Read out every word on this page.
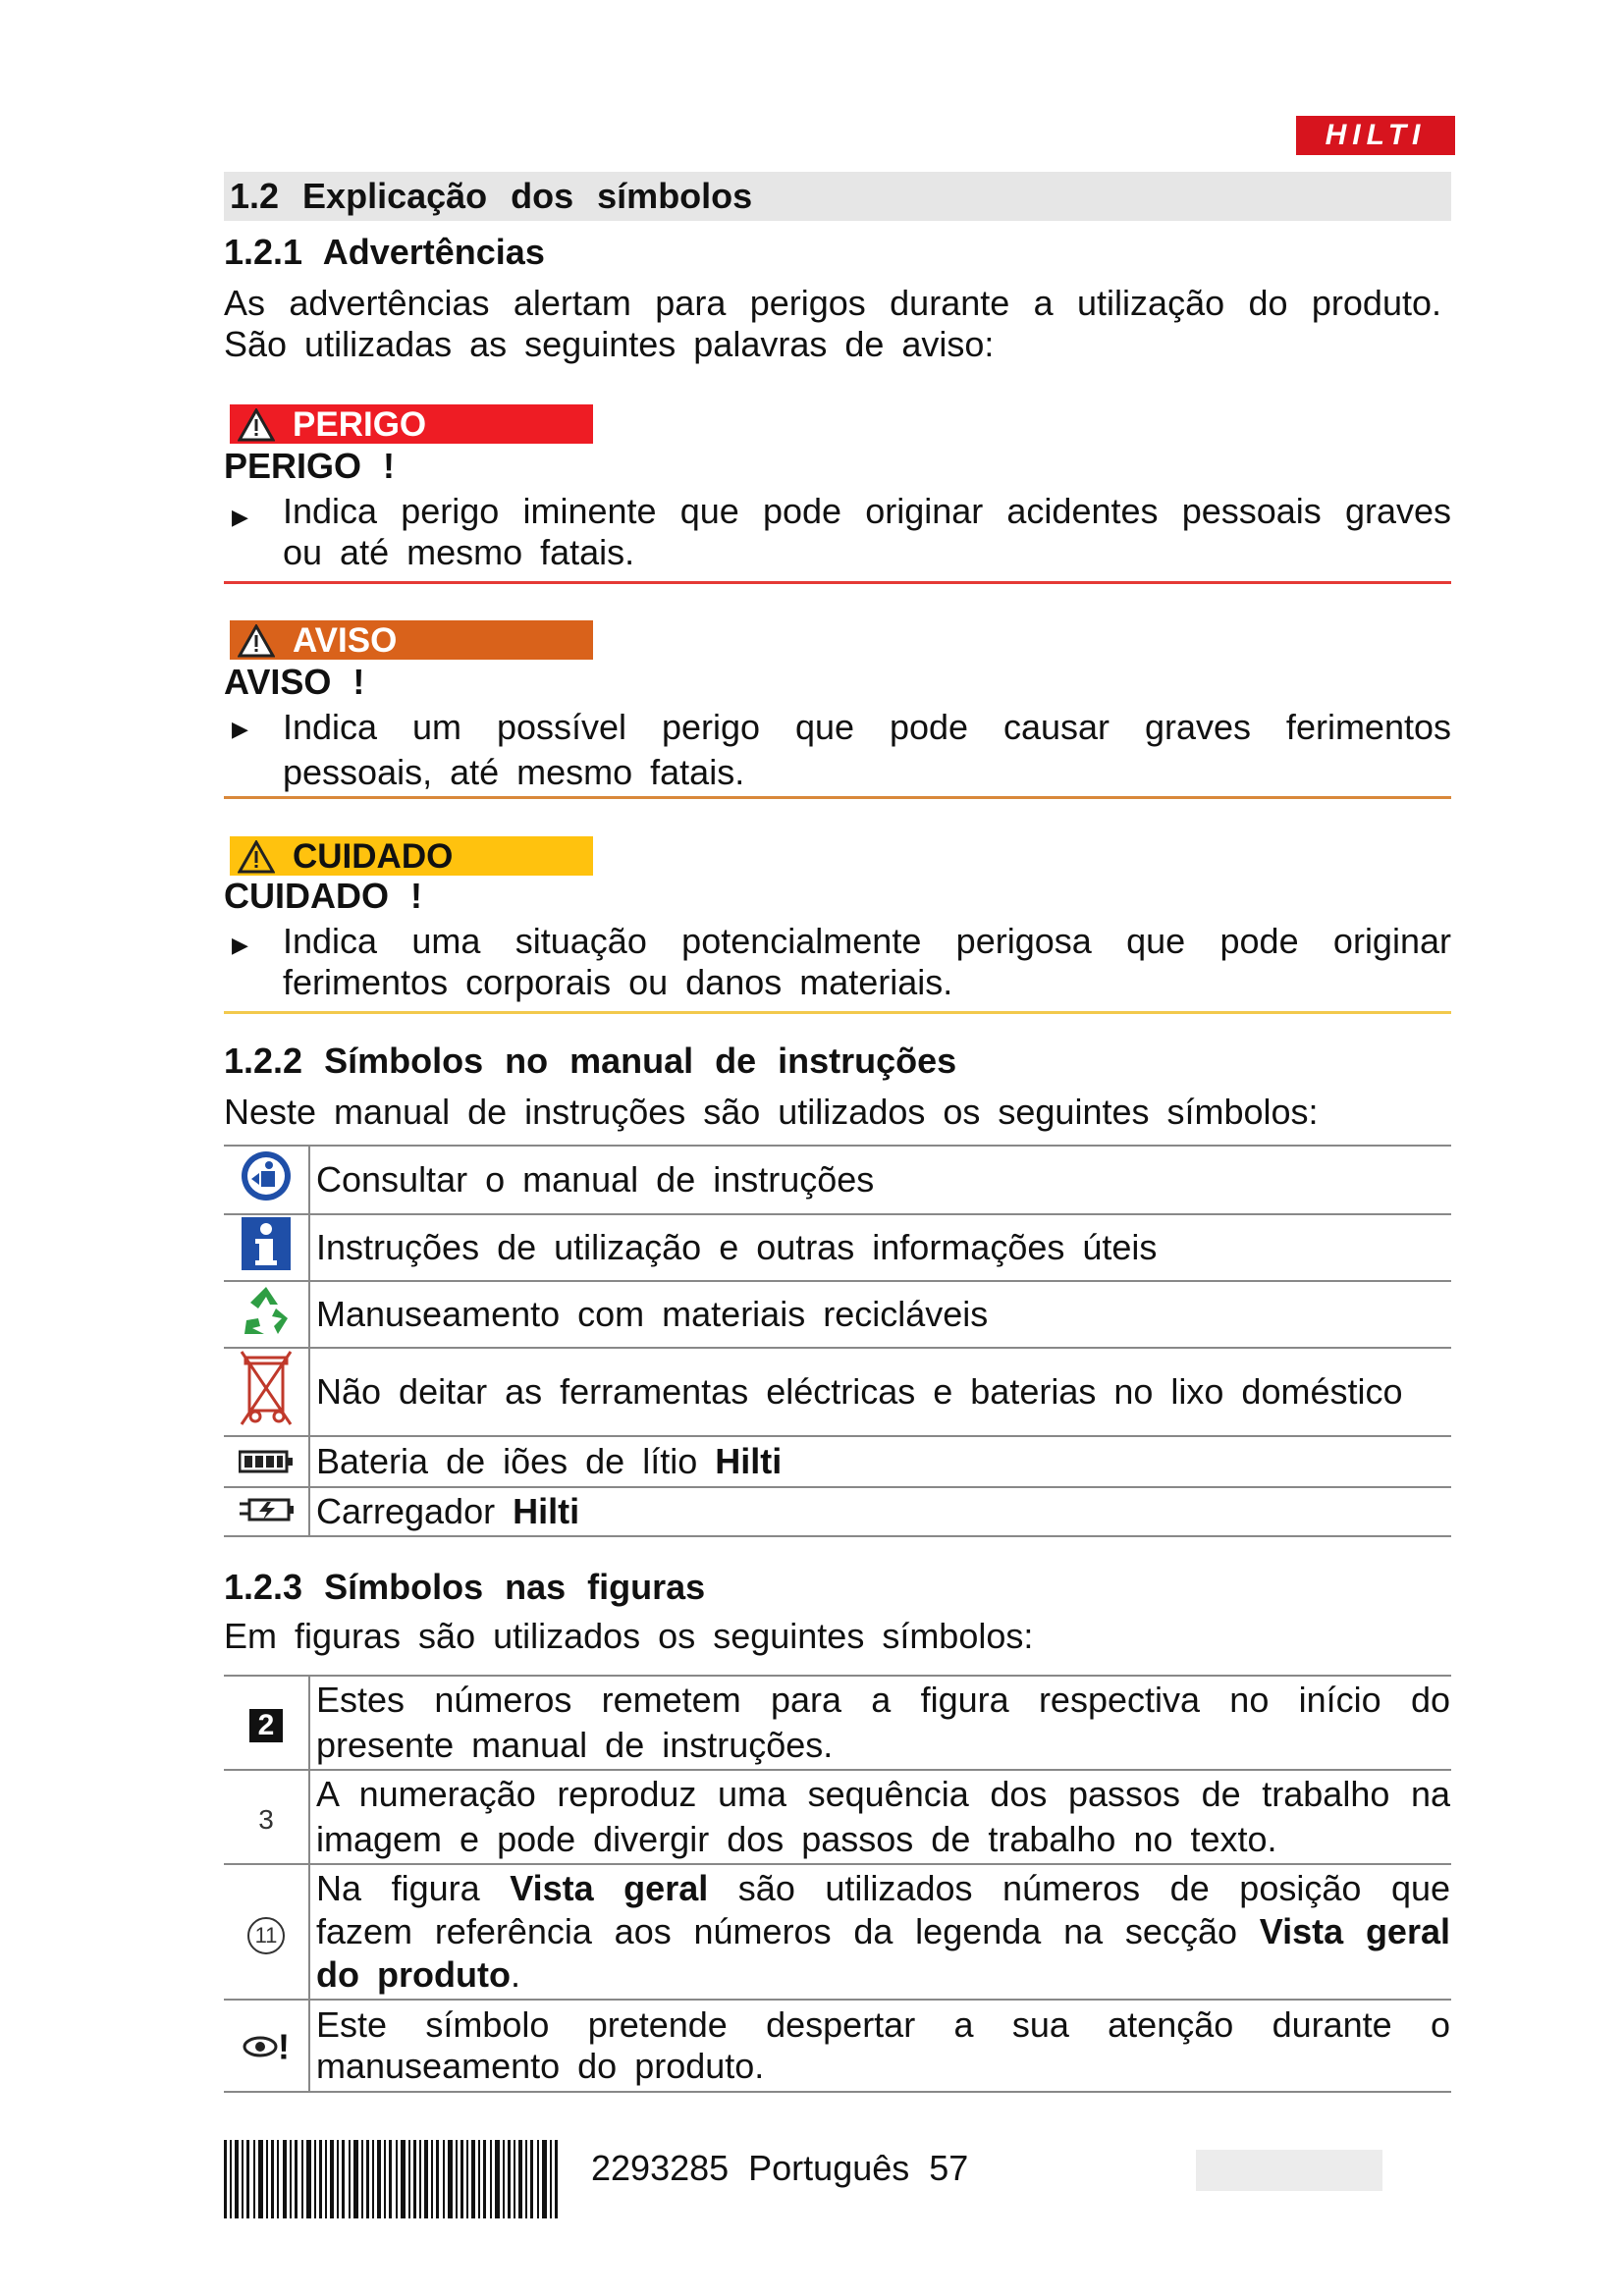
HILTI
1.2 Explicação dos símbolos
1.2.1 Advertências
As advertências alertam para perigos durante a utilização do produto. São utilizadas as seguintes palavras de aviso:
PERIGO
PERIGO !
▶ Indica perigo iminente que pode originar acidentes pessoais graves ou até mesmo fatais.
AVISO
AVISO !
▶ Indica um possível perigo que pode causar graves ferimentos pessoais, até mesmo fatais.
CUIDADO
CUIDADO !
▶ Indica uma situação potencialmente perigosa que pode originar ferimentos corporais ou danos materiais.
1.2.2 Símbolos no manual de instruções
Neste manual de instruções são utilizados os seguintes símbolos:
	Consultar o manual de instruções
	Instruções de utilização e outras informações úteis
	Manuseamento com materiais recicláveis
	Não deitar as ferramentas eléctricas e baterias no lixo doméstico
	Bateria de iões de lítio Hilti
	Carregador Hilti
1.2.3 Símbolos nas figuras
Em figuras são utilizados os seguintes símbolos:
2	Estes números remetem para a figura respectiva no início do presente manual de instruções.
3	A numeração reproduz uma sequência dos passos de trabalho na imagem e pode divergir dos passos de trabalho no texto.
11	Na figura Vista geral são utilizados números de posição que fazem referência aos números da legenda na secção Vista geral do produto.
!	Este símbolo pretende despertar a sua atenção durante o manuseamento do produto.
2293285 Português 57
